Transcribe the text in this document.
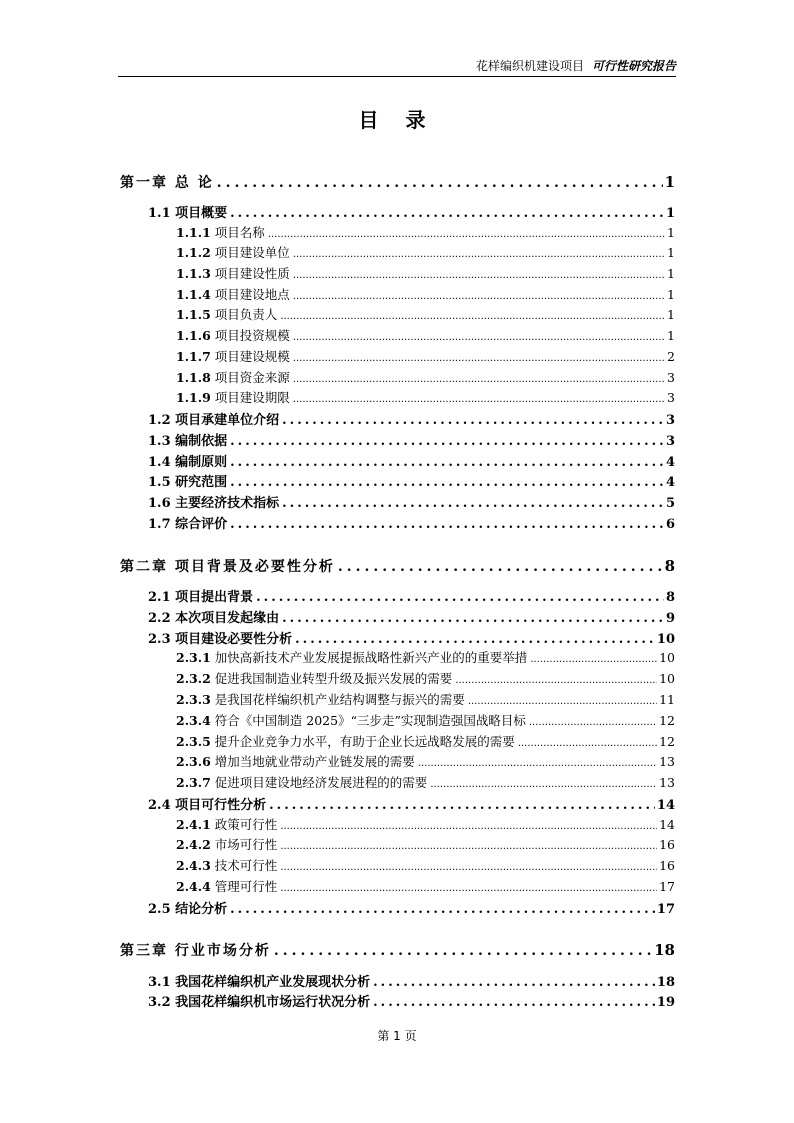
花样编织机建设项目 可行性研究报告
目 录
第一章 总 论 .....	1
1.1 项目概要 .....	1
1.1.1 项目名称 .....	1
1.1.2 项目建设单位 .....	1
1.1.3 项目建设性质 .....	1
1.1.4 项目建设地点 .....	1
1.1.5 项目负责人 .....	1
1.1.6 项目投资规模 .....	1
1.1.7 项目建设规模 .....	2
1.1.8 项目资金来源 .....	3
1.1.9 项目建设期限 .....	3
1.2 项目承建单位介绍 .....	3
1.3 编制依据 .....	3
1.4 编制原则 .....	4
1.5 研究范围 .....	4
1.6 主要经济技术指标 .....	5
1.7 综合评价 .....	6
第二章 项目背景及必要性分析 .....	8
2.1 项目提出背景 .....	8
2.2 本次项目发起缘由 .....	9
2.3 项目建设必要性分析 .....	10
2.3.1 加快高新技术产业发展提振战略性新兴产业的的重要举措 .....	10
2.3.2 促进我国制造业转型升级及振兴发展的需要 .....	10
2.3.3 是我国花样编织机产业结构调整与振兴的需要 .....	11
2.3.4 符合《中国制造 2025》“三步走”实现制造强国战略目标 .....	12
2.3.5 提升企业竞争力水平，有助于企业长远战略发展的需要 .....	12
2.3.6 增加当地就业带动产业链发展的需要 .....	13
2.3.7 促进项目建设地经济发展进程的的需要 .....	13
2.4 项目可行性分析 .....	14
2.4.1 政策可行性 .....	14
2.4.2 市场可行性 .....	16
2.4.3 技术可行性 .....	16
2.4.4 管理可行性 .....	17
2.5 结论分析 .....	17
第三章 行业市场分析 .....	18
3.1 我国花样编织机产业发展现状分析 .....	18
3.2 我国花样编织机市场运行状况分析 .....	19
第 1 页
